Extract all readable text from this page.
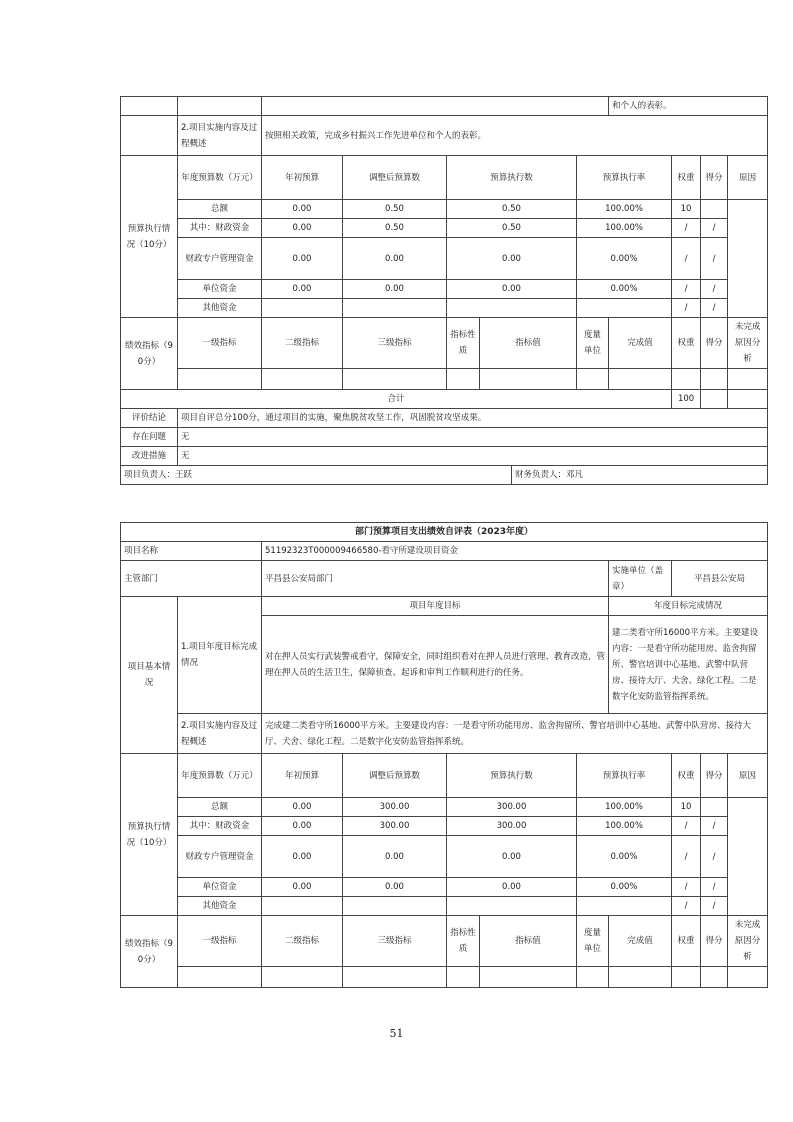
								和个人的表彰。			
	2.项目实施内容及过程概述	按照相关政策，完成乡村振兴工作先进单位和个人的表彰。									
预算执行情况（10分）	年度预算数（万元）	年初预算	调整后预算数	预算执行数			预算执行率		权重	得分	原因
	总额	0.00	0.50	0.50			100.00%		10		
	其中：财政资金	0.00	0.50	0.50			100.00%		/	/	
	财政专户管理资金	0.00	0.00	0.00			0.00%		/	/	
	单位资金	0.00	0.00	0.00			0.00%		/	/	
	其他资金								/	/	
绩效指标（90分）	一级指标	二级指标	三级指标	指标性质	指标值		度量单位	完成值	权重	得分	未完成原因分析

合计									100		
评价结论	项目自评总分100分，通过项目的实施，聚焦脱贫攻坚工作，巩固脱贫攻坚成果。										
存在问题	无										
改进措施	无										
项目负责人：王跃						财务负责人：邓凡					
部门预算项目支出绩效自评表（2023年度）										
项目名称		51192323T000009466580-看守所建设项目资金								
主管部门		平昌县公安局部门					实施单位（盖章）	平昌县公安局		
项目基本情况	1.项目年度目标完成情况	项目年度目标					年度目标完成情况			
		对在押人员实行武装警戒看守，保障安全，同时组织看对在押人员进行管理、教育改造，管理在押人员的生活卫生，保障侦查、起诉和审判工作顺利进行的任务。					建二类看守所16000平方米。主要建设内容：一是看守所功能用房、监舍拘留所、警官培训中心基地、武警中队营房、接待大厅、犬舍、绿化工程。二是数字化安防监管指挥系统。			
	2.项目实施内容及过程概述	完成建二类看守所16000平方米。主要建设内容：一是看守所功能用房、监舍拘留所、警官培训中心基地、武警中队营房、接待大厅、犬舍、绿化工程。二是数字化安防监管指挥系统。								
预算执行情况（10分）	年度预算数（万元）	年初预算	调整后预算数	预算执行数		预算执行率		权重	得分	原因
	总额	0.00	300.00	300.00		100.00%		10		
	其中：财政资金	0.00	300.00	300.00		100.00%		/	/	
	财政专户管理资金	0.00	0.00	0.00		0.00%		/	/	
	单位资金	0.00	0.00	0.00		0.00%		/	/	
	其他资金							/	/	
绩效指标（90分）	一级指标	二级指标	三级指标	指标性质	指标值	度量单位	完成值	权重	得分	未完成原因分析

51
